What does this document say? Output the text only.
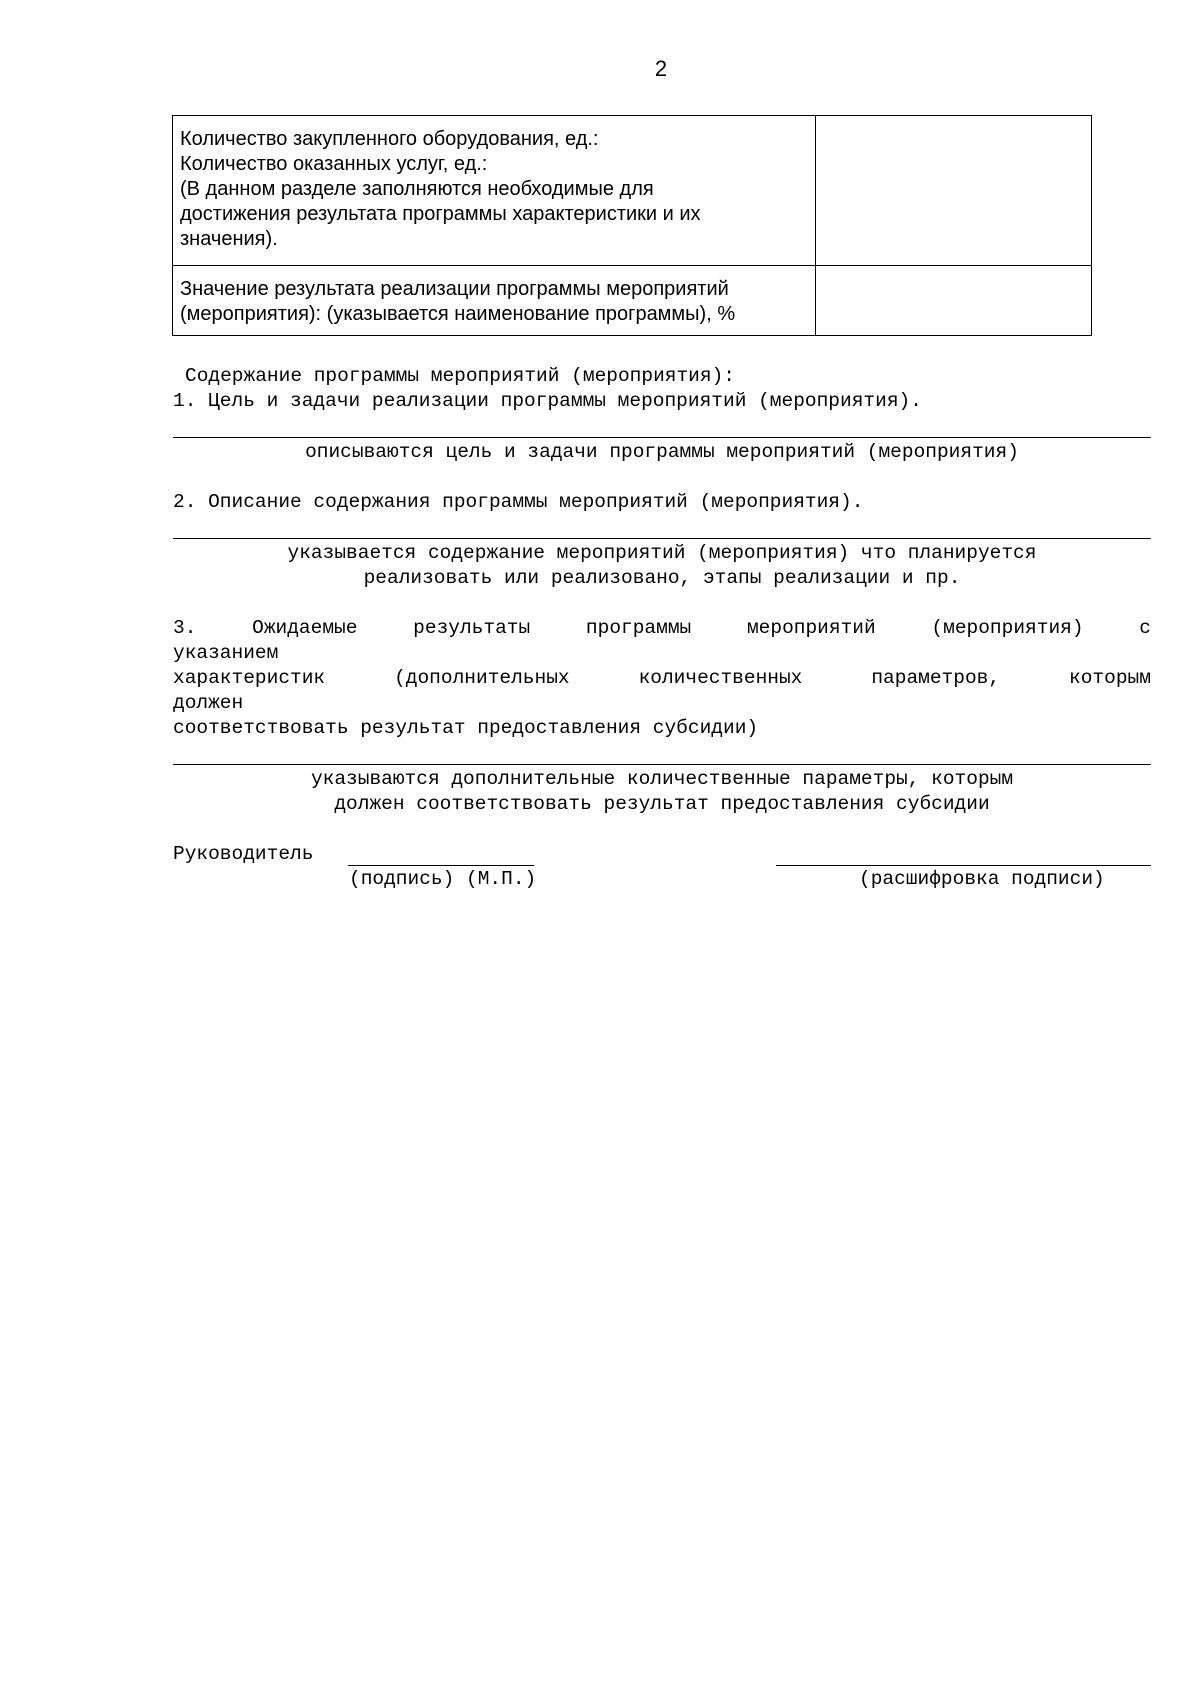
2
Количество закупленного оборудования, ед.:
Количество оказанных услуг, ед.:
(В данном разделе заполняются необходимые для
достижения результата программы характеристики и их
значения).	

Значение результата реализации программы мероприятий
(мероприятия): (указывается наименование программы), %	

Содержание программы мероприятий (мероприятия):
1. Цель и задачи реализации программы мероприятий (мероприятия).
описываются цель и задачи программы мероприятий (мероприятия)
2. Описание содержания программы мероприятий (мероприятия).
указывается содержание мероприятий (мероприятия) что планируется
реализовать или реализовано, этапы реализации и пр.
3.	Ожидаемые	результаты	программы	мероприятий	(мероприятия)	с
указанием
характеристик	(дополнительных	количественных	параметров,	которым
должен
соответствовать результат предоставления субсидии)
указываются дополнительные количественные параметры, которым
должен соответствовать результат предоставления субсидии
Руководитель
(подпись) (М.П.)	(расшифровка подписи)
